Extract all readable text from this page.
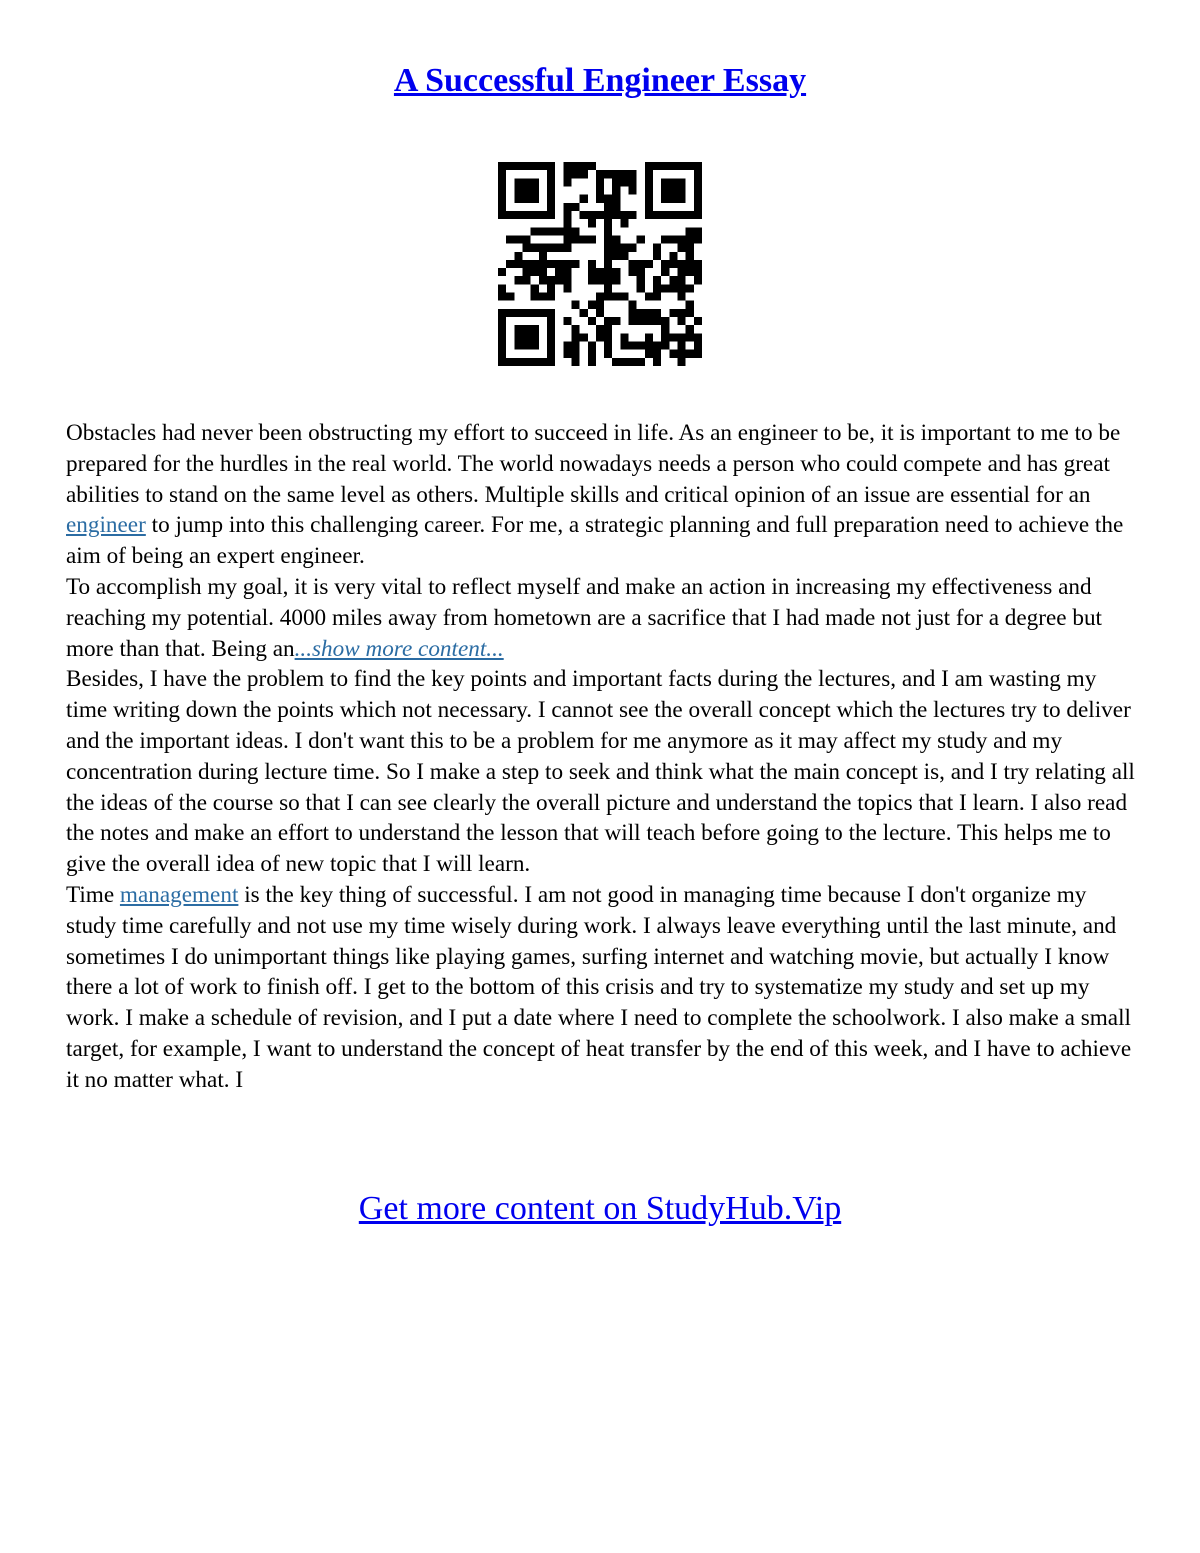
A Successful Engineer Essay

Obstacles had never been obstructing my effort to succeed in life. As an engineer to be, it is important to me to be prepared for the hurdles in the real world. The world nowadays needs a person who could compete and has great abilities to stand on the same level as others. Multiple skills and critical opinion of an issue are essential for an engineer to jump into this challenging career. For me, a strategic planning and full preparation need to achieve the aim of being an expert engineer.

To accomplish my goal, it is very vital to reflect myself and make an action in increasing my effectiveness and reaching my potential. 4000 miles away from hometown are a sacrifice that I had made not just for a degree but more than that. Being an...show more content...

Besides, I have the problem to find the key points and important facts during the lectures, and I am wasting my time writing down the points which not necessary. I cannot see the overall concept which the lectures try to deliver and the important ideas. I don't want this to be a problem for me anymore as it may affect my study and my concentration during lecture time. So I make a step to seek and think what the main concept is, and I try relating all the ideas of the course so that I can see clearly the overall picture and understand the topics that I learn. I also read the notes and make an effort to understand the lesson that will teach before going to the lecture. This helps me to give the overall idea of new topic that I will learn.

Time management is the key thing of successful. I am not good in managing time because I don't organize my study time carefully and not use my time wisely during work. I always leave everything until the last minute, and sometimes I do unimportant things like playing games, surfing internet and watching movie, but actually I know there a lot of work to finish off. I get to the bottom of this crisis and try to systematize my study and set up my work. I make a schedule of revision, and I put a date where I need to complete the schoolwork. I also make a small target, for example, I want to understand the concept of heat transfer by the end of this week, and I have to achieve it no matter what. I

Get more content on StudyHub.Vip
